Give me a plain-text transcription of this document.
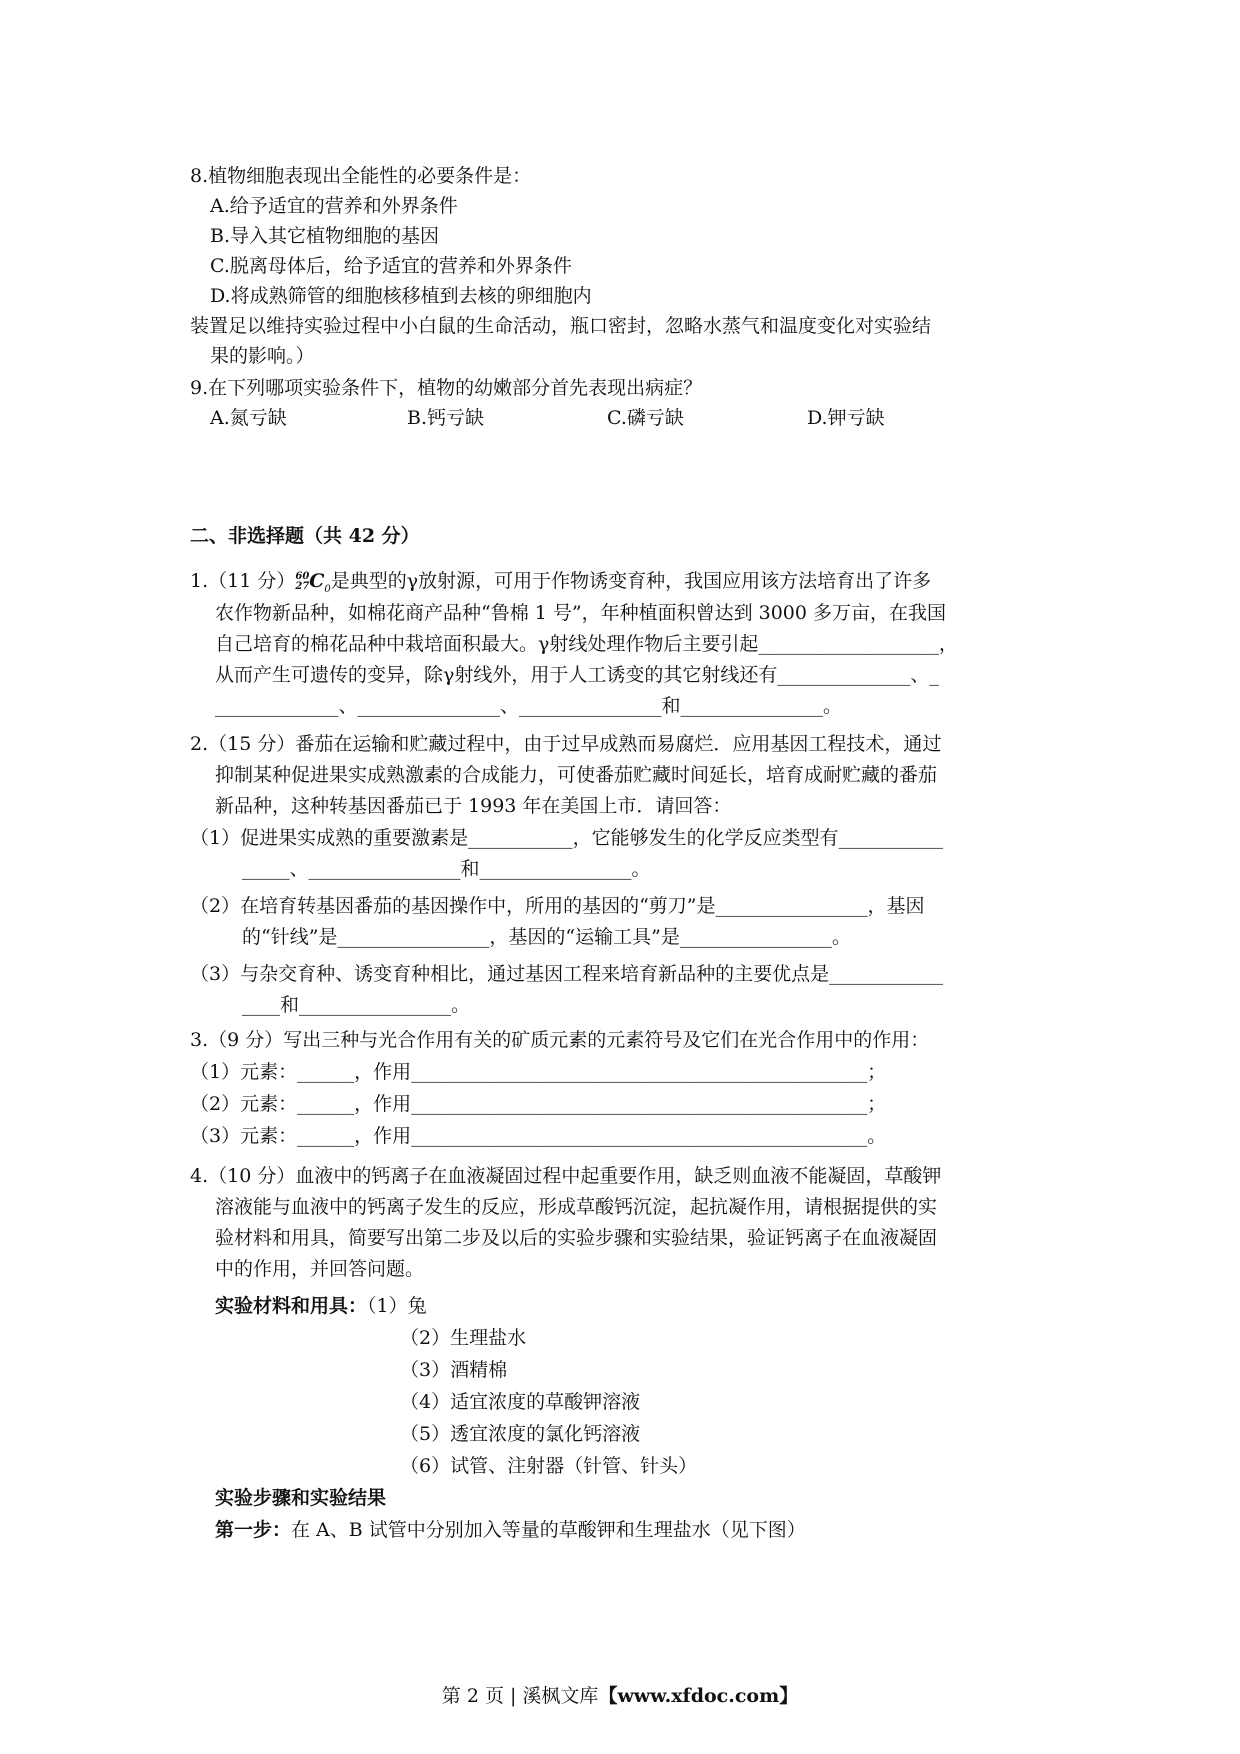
8.植物细胞表现出全能性的必要条件是：
A.给予适宜的营养和外界条件
B.导入其它植物细胞的基因
C.脱离母体后，给予适宜的营养和外界条件
D.将成熟筛管的细胞核移植到去核的卵细胞内
装置足以维持实验过程中小白鼠的生命活动，瓶口密封，忽略水蒸气和温度变化对实验结
果的影响。）
9.在下列哪项实验条件下，植物的幼嫩部分首先表现出病症？
A.氮亏缺	B.钙亏缺	C.磷亏缺	D.钾亏缺
二、非选择题（共 42 分）
1.（11 分） 60
27 $C_0$是典型的γ放射源，可用于作物诱变育种，我国应用该方法培育出了许多
农作物新品种，如棉花商产品种“鲁棉 1 号”，年种植面积曾达到 3000 多万亩，在我国
自己培育的棉花品种中栽培面积最大。γ射线处理作物后主要引起___________________，
从而产生可遗传的变异，除γ射线外，用于人工诱变的其它射线还有______________、_
_____________、_______________、_______________和_______________。
2.（15 分）番茄在运输和贮藏过程中，由于过早成熟而易腐烂．应用基因工程技术，通过
抑制某种促进果实成熟激素的合成能力，可使番茄贮藏时间延长，培育成耐贮藏的番茄
新品种，这种转基因番茄已于 1993 年在美国上市．请回答：
（1）促进果实成熟的重要激素是___________，它能够发生的化学反应类型有___________
_____、________________和________________。
（2）在培育转基因番茄的基因操作中，所用的基因的“剪刀”是________________，基因
的“针线”是________________，基因的“运输工具”是________________。
（3）与杂交育种、诱变育种相比，通过基因工程来培育新品种的主要优点是____________
____和________________。
3.（9 分）写出三种与光合作用有关的矿质元素的元素符号及它们在光合作用中的作用：
（1）元素：______，作用________________________________________________；
（2）元素：______，作用________________________________________________；
（3）元素：______，作用________________________________________________。
4.（10 分）血液中的钙离子在血液凝固过程中起重要作用，缺乏则血液不能凝固，草酸钾
溶液能与血液中的钙离子发生的反应，形成草酸钙沉淀，起抗凝作用，请根据提供的实
验材料和用具，简要写出第二步及以后的实验步骤和实验结果，验证钙离子在血液凝固
中的作用，并回答问题。
实验材料和用具：（1）兔
（2）生理盐水
（3）酒精棉
（4）适宜浓度的草酸钾溶液
（5）透宜浓度的氯化钙溶液
（6）试管、注射器（针管、针头）
实验步骤和实验结果
第一步：在 A、B 试管中分别加入等量的草酸钾和生理盐水（见下图）
第 2 页 | 溪枫文库【www.xfdoc.com】
